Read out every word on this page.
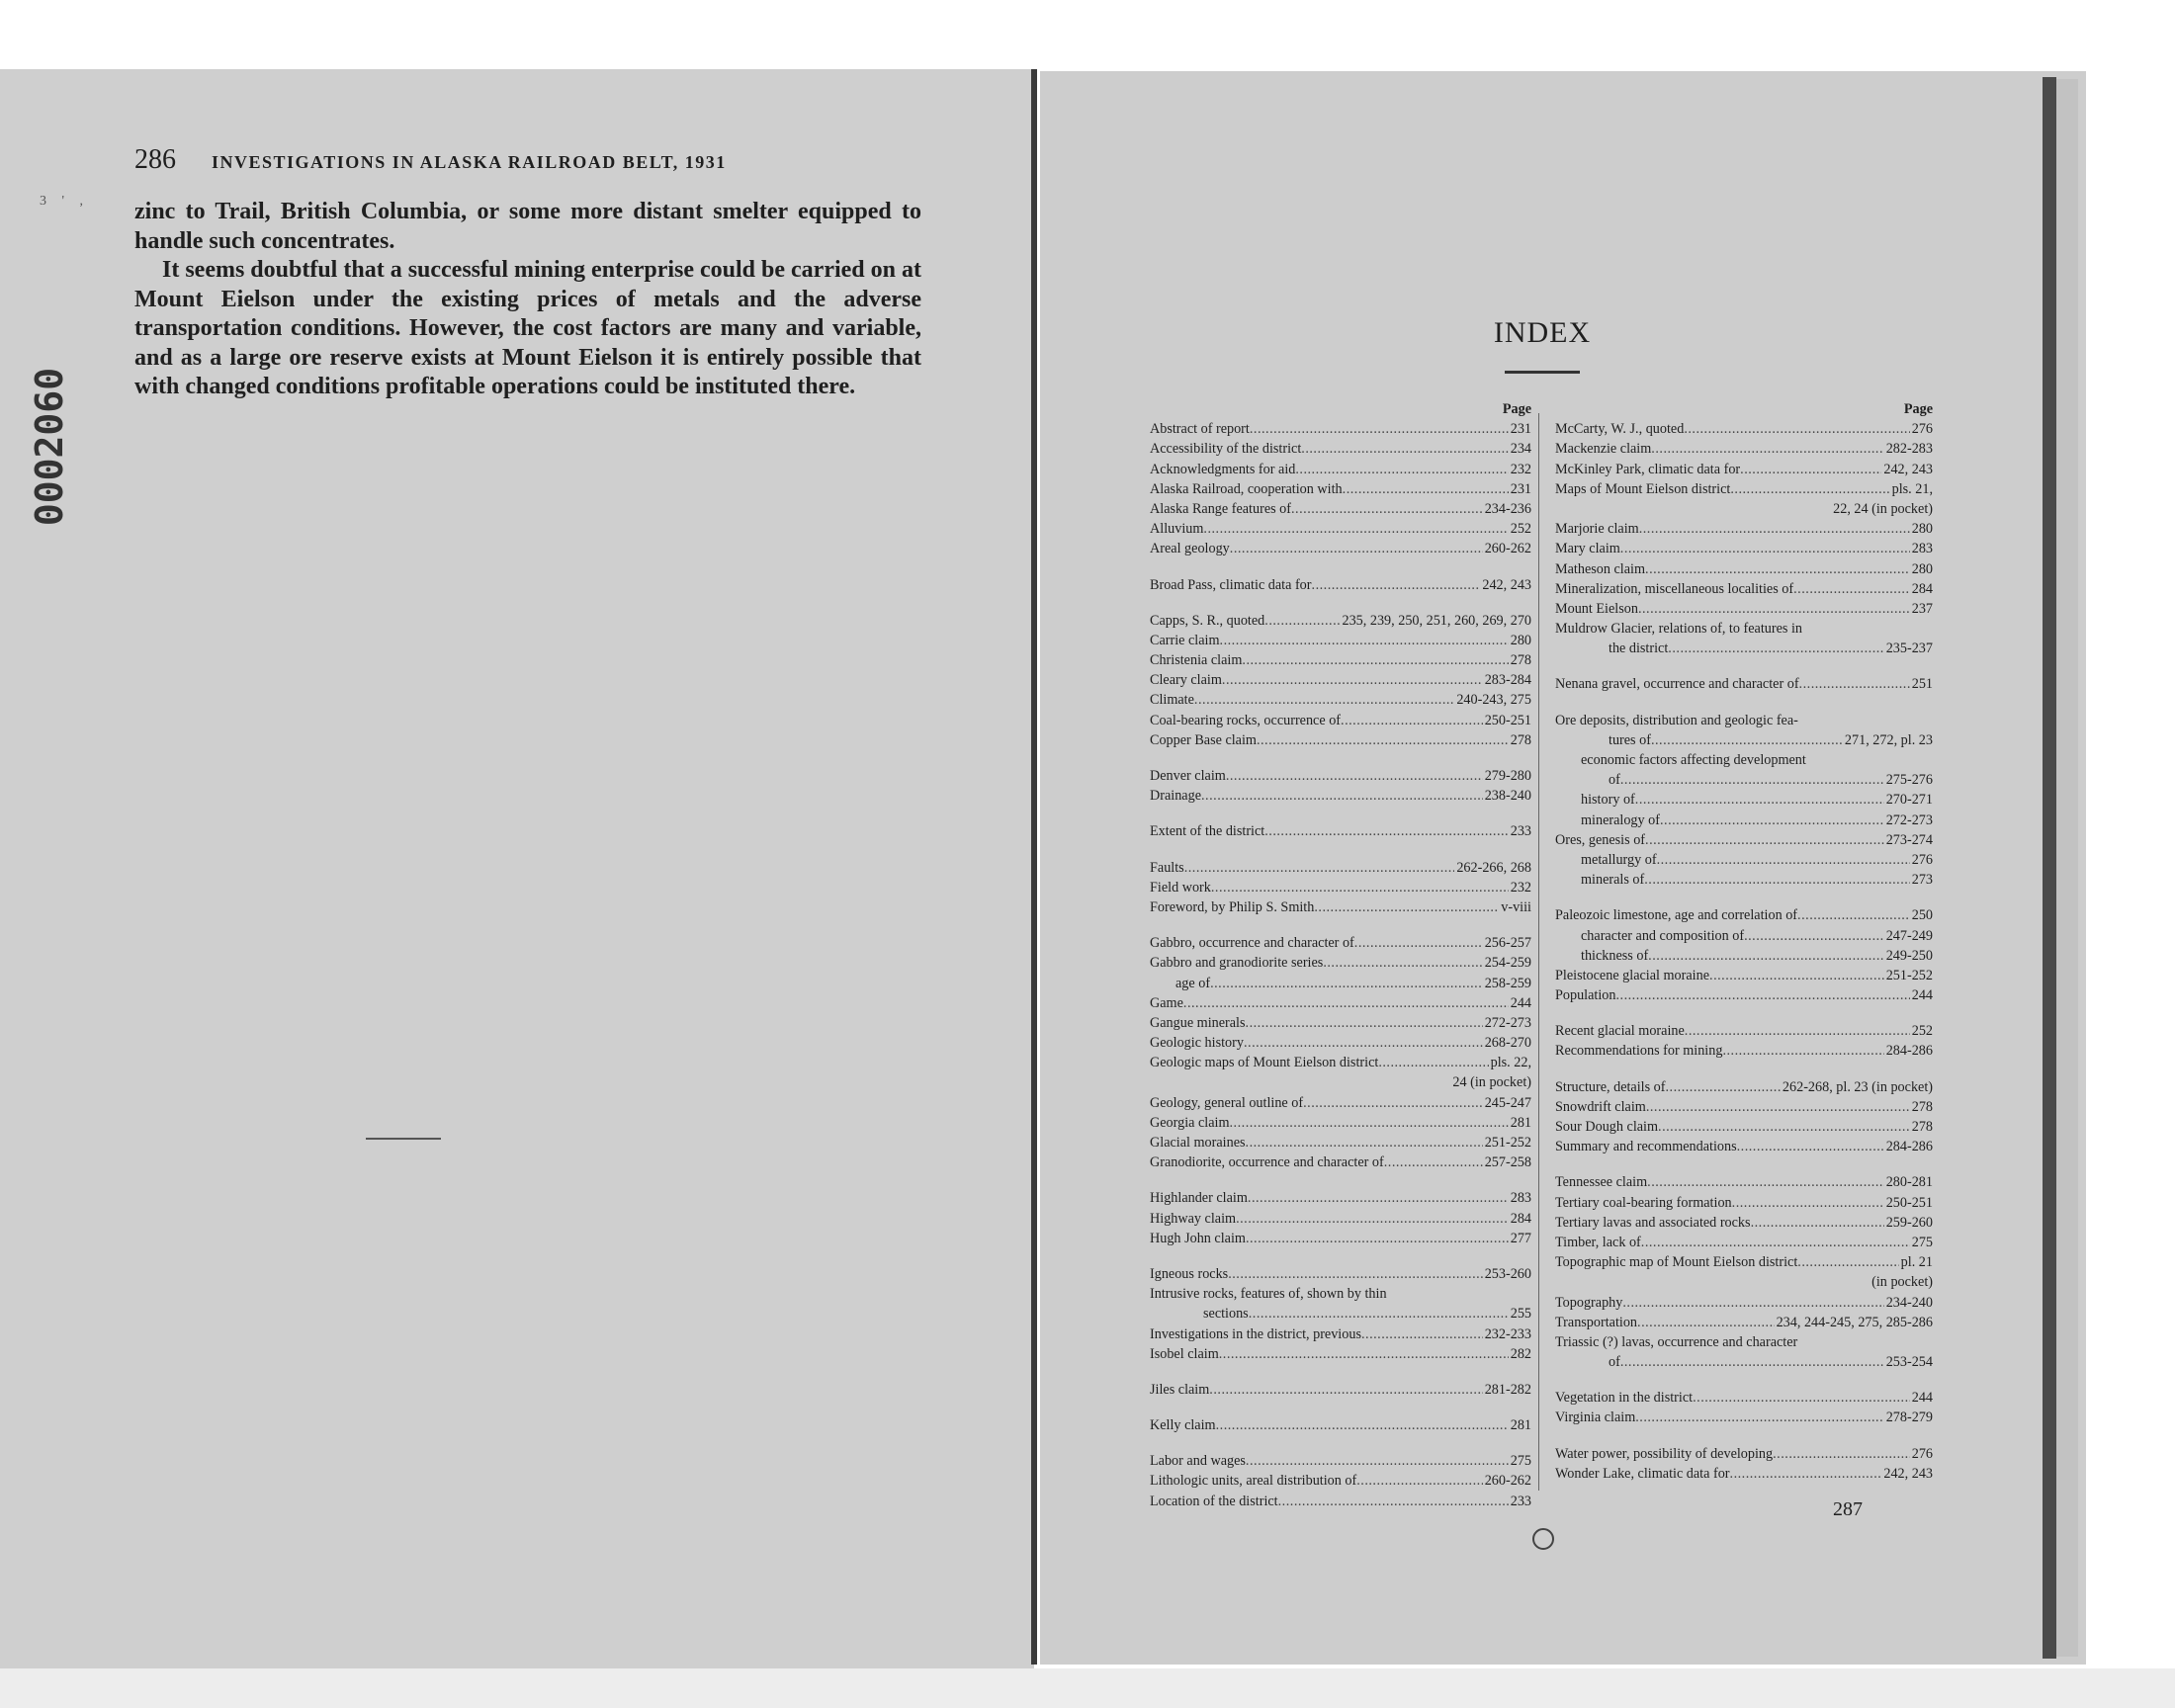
3 ' ,
286 INVESTIGATIONS IN ALASKA RAILROAD BELT, 1931

zinc to Trail, British Columbia, or some more distant smelter equipped to handle such concentrates.

It seems doubtful that a successful mining enterprise could be carried on at Mount Eielson under the existing prices of metals and the adverse transportation conditions. However, the cost factors are many and variable, and as a large ore reserve exists at Mount Eielson it is entirely possible that with changed conditions profitable operations could be instituted there.

0002060
INDEX
Page
Abstract of report .....	231
Accessibility of the district .....	234
Acknowledgments for aid .....	232
Alaska Railroad, cooperation with .....	231
Alaska Range features of .....	234-236
Alluvium .....	252
Areal geology .....	260-262
Broad Pass, climatic data for .....	242, 243
Capps, S. R., quoted .....	235, 239, 250, 251, 260, 269, 270
Carrie claim .....	280
Christenia claim .....	278
Cleary claim .....	283-284
Climate .....	240-243, 275
Coal-bearing rocks, occurrence of .....	250-251
Copper Base claim .....	278
Denver claim .....	279-280
Drainage .....	238-240
Extent of the district .....	233
Faults .....	262-266, 268
Field work .....	232
Foreword, by Philip S. Smith .....	v-viii
Gabbro, occurrence and character of .....	256-257
Gabbro and granodiorite series .....	254-259
age of .....	258-259
Game .....	244
Gangue minerals .....	272-273
Geologic history .....	268-270
Geologic maps of Mount Eielson district .....	pls. 22,
24 (in pocket)
Geology, general outline of .....	245-247
Georgia claim .....	281
Glacial moraines .....	251-252
Granodiorite, occurrence and character of .....	257-258
Highlander claim .....	283
Highway claim .....	284
Hugh John claim .....	277
Igneous rocks .....	253-260
Intrusive rocks, features of, shown by thin
sections .....	255
Investigations in the district, previous .....	232-233
Isobel claim .....	282
Jiles claim .....	281-282
Kelly claim .....	281
Labor and wages .....	275
Lithologic units, areal distribution of .....	260-262
Location of the district .....	233
Page
McCarty, W. J., quoted .....	276
Mackenzie claim .....	282-283
McKinley Park, climatic data for .....	242, 243
Maps of Mount Eielson district .....	pls. 21,
22, 24 (in pocket)
Marjorie claim .....	280
Mary claim .....	283
Matheson claim .....	280
Mineralization, miscellaneous localities of .....	284
Mount Eielson .....	237
Muldrow Glacier, relations of, to features in
the district .....	235-237
Nenana gravel, occurrence and character of .....	251
Ore deposits, distribution and geologic fea-
tures of .....	271, 272, pl. 23
economic factors affecting development
of .....	275-276
history of .....	270-271
mineralogy of .....	272-273
Ores, genesis of .....	273-274
metallurgy of .....	276
minerals of .....	273
Paleozoic limestone, age and correlation of .....	250
character and composition of .....	247-249
thickness of .....	249-250
Pleistocene glacial moraine .....	251-252
Population .....	244
Recent glacial moraine .....	252
Recommendations for mining .....	284-286
Structure, details of .....	262-268, pl. 23 (in pocket)
Snowdrift claim .....	278
Sour Dough claim .....	278
Summary and recommendations .....	284-286
Tennessee claim .....	280-281
Tertiary coal-bearing formation .....	250-251
Tertiary lavas and associated rocks .....	259-260
Timber, lack of .....	275
Topographic map of Mount Eielson district .....	pl. 21
(in pocket)
Topography .....	234-240
Transportation .....	234, 244-245, 275, 285-286
Triassic (?) lavas, occurrence and character
of .....	253-254
Vegetation in the district .....	244
Virginia claim .....	278-279
Water power, possibility of developing .....	276
Wonder Lake, climatic data for .....	242, 243
287
